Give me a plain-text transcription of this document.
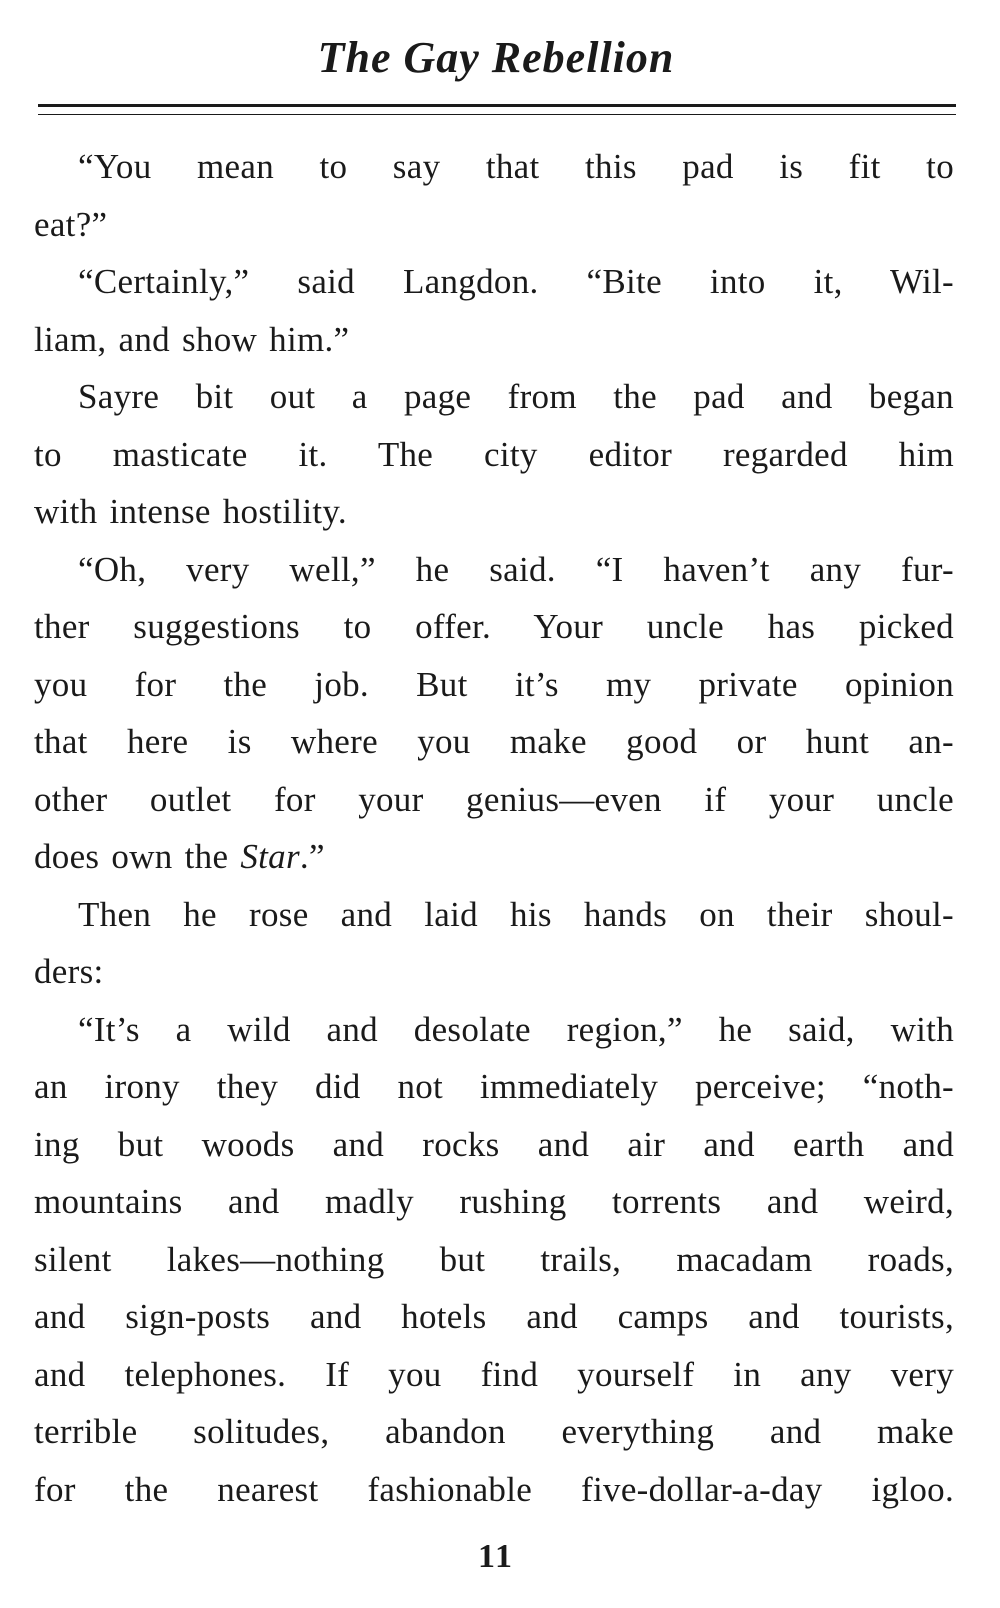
The Gay Rebellion

“You mean to say that this pad is fit to
eat?”

“Certainly,” said Langdon. “Bite into it, Wil-
liam, and show him.”

Sayre bit out a page from the pad and began
to masticate it. The city editor regarded him
with intense hostility.

“Oh, very well,” he said. “I haven’t any fur-
ther suggestions to offer. Your uncle has picked
you for the job. But it’s my private opinion
that here is where you make good or hunt an-
other outlet for your genius—even if your uncle
does own the Star.”

Then he rose and laid his hands on their shoul-
ders:

“It’s a wild and desolate region,” he said, with
an irony they did not immediately perceive; “noth-
ing but woods and rocks and air and earth and
mountains and madly rushing torrents and weird,
silent lakes—nothing but trails, macadam roads,
and sign-posts and hotels and camps and tourists,
and telephones. If you find yourself in any very
terrible solitudes, abandon everything and make
for the nearest fashionable five-dollar-a-day igloo.

11
